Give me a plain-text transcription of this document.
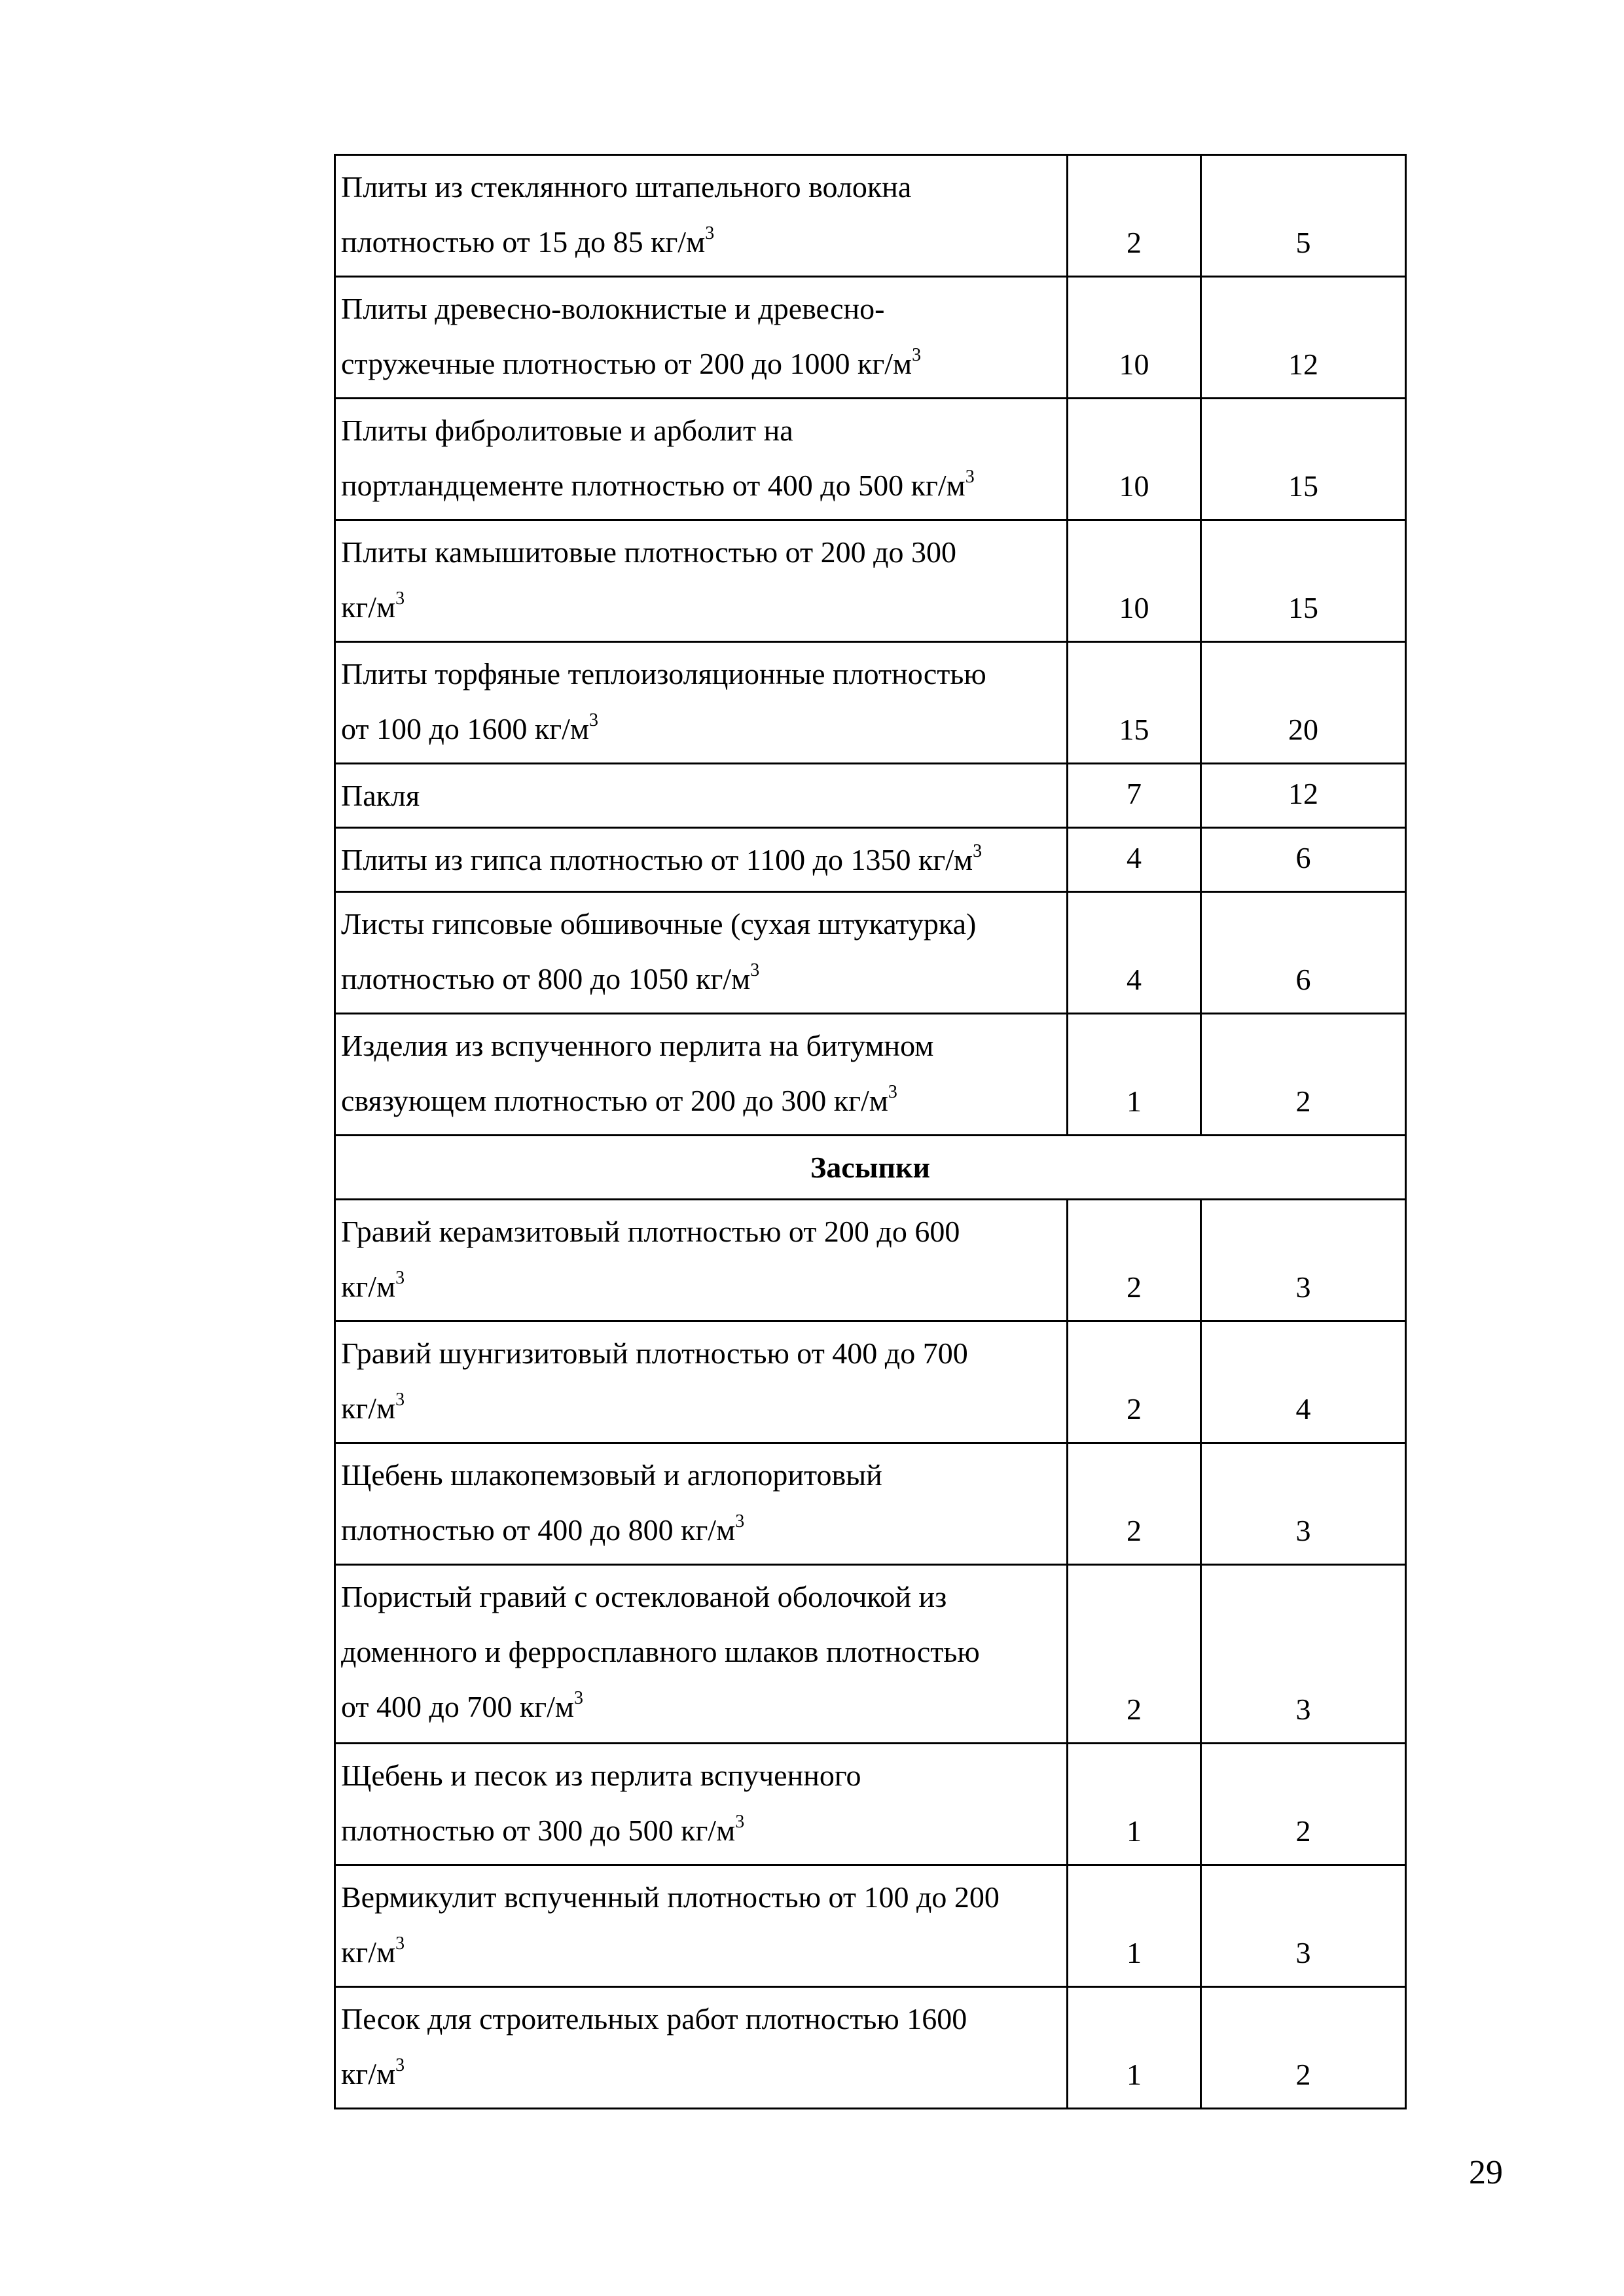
Плиты из стеклянного штапельного волокна
плотностью от 15 до 85 $кг/м^3$	2	5

Плиты древесно-волокнистые и древесно-
стружечные плотностью от 200 до 1000 $кг/м^3$	10	12

Плиты фибролитовые и арболит на
портландцементе плотностью от 400 до 500 $кг/м^3$	10	15

Плиты камышитовые плотностью от 200 до 300
$кг/м^3$	10	15

Плиты торфяные теплоизоляционные плотностью
от 100 до 1600 $кг/м^3$	15	20

Пакля	7	12

Плиты из гипса плотностью от 1100 до 1350 $кг/м^3$	4	6

Листы гипсовые обшивочные (сухая штукатурка)
плотностью от 800 до 1050 $кг/м^3$	4	6

Изделия из вспученного перлита на битумном
связующем плотностью от 200 до 300 $кг/м^3$	1	2
Засыпки		

Гравий керамзитовый плотностью от 200 до 600
$кг/м^3$	2	3

Гравий шунгизитовый плотностью от 400 до 700
$кг/м^3$	2	4

Щебень шлакопемзовый и аглопоритовый
плотностью от 400 до 800 $кг/м^3$	2	3

Пористый гравий с остеклованой оболочкой из
доменного и ферросплавного шлаков плотностью
от 400 до 700 $кг/м^3$	2	3

Щебень и песок из перлита вспученного
плотностью от 300 до 500 $кг/м^3$	1	2

Вермикулит вспученный плотностью от 100 до 200
$кг/м^3$	1	3

Песок для строительных работ плотностью 1600
$кг/м^3$	1	2
29
